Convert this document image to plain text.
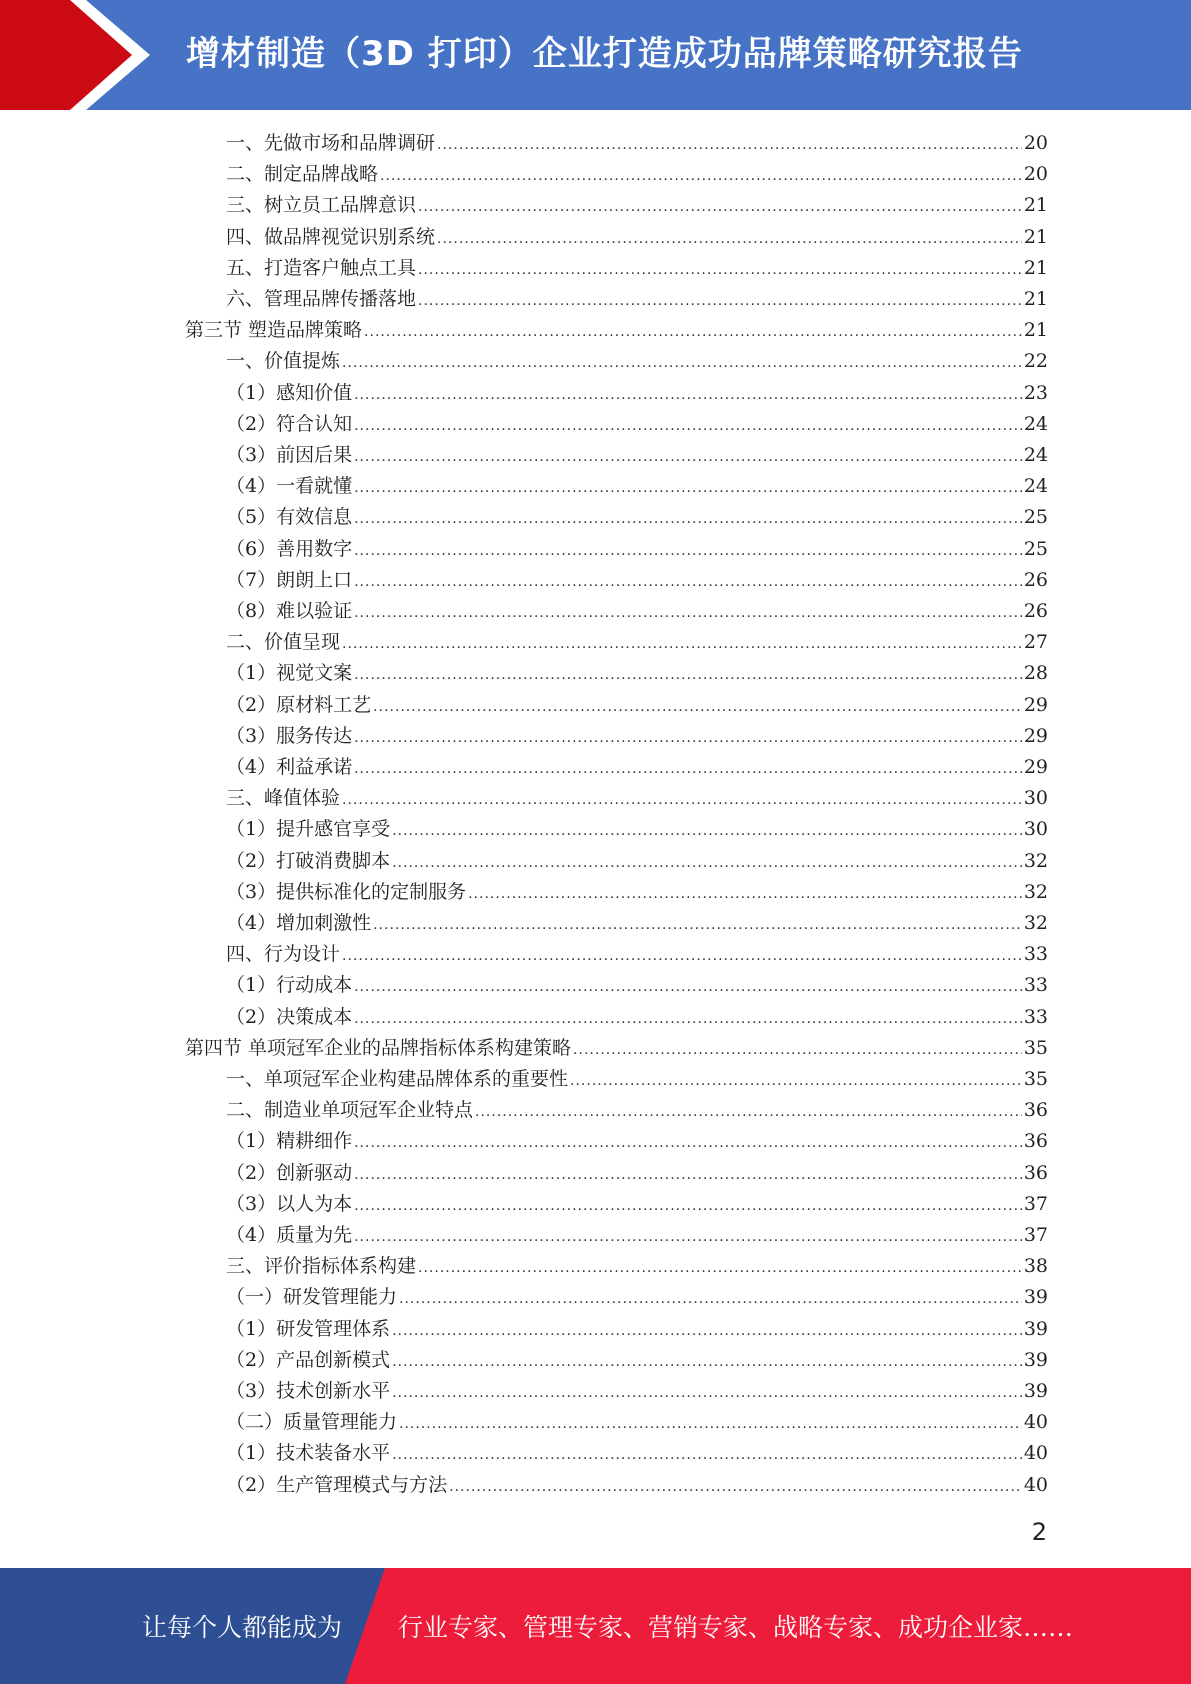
增材制造（3D 打印）企业打造成功品牌策略研究报告
一、先做市场和品牌调研 .....	20
二、制定品牌战略 .....	20
三、树立员工品牌意识 .....	21
四、做品牌视觉识别系统 .....	21
五、打造客户触点工具 .....	21
六、管理品牌传播落地 .....	21
第三节 塑造品牌策略 .....	21
一、价值提炼 .....	22
（1）感知价值 .....	23
（2）符合认知 .....	24
（3）前因后果 .....	24
（4）一看就懂 .....	24
（5）有效信息 .....	25
（6）善用数字 .....	25
（7）朗朗上口 .....	26
（8）难以验证 .....	26
二、价值呈现 .....	27
（1）视觉文案 .....	28
（2）原材料工艺 .....	29
（3）服务传达 .....	29
（4）利益承诺 .....	29
三、峰值体验 .....	30
（1）提升感官享受 .....	30
（2）打破消费脚本 .....	32
（3）提供标准化的定制服务 .....	32
（4）增加刺激性 .....	32
四、行为设计 .....	33
（1）行动成本 .....	33
（2）决策成本 .....	33
第四节 单项冠军企业的品牌指标体系构建策略 .....	35
一、单项冠军企业构建品牌体系的重要性 .....	35
二、制造业单项冠军企业特点 .....	36
（1）精耕细作 .....	36
（2）创新驱动 .....	36
（3）以人为本 .....	37
（4）质量为先 .....	37
三、评价指标体系构建 .....	38
（一）研发管理能力 .....	39
（1）研发管理体系 .....	39
（2）产品创新模式 .....	39
（3）技术创新水平 .....	39
（二）质量管理能力 .....	40
（1）技术装备水平 .....	40
（2）生产管理模式与方法 .....	40
2
让每个人都能成为 行业专家、管理专家、营销专家、战略专家、成功企业家……
